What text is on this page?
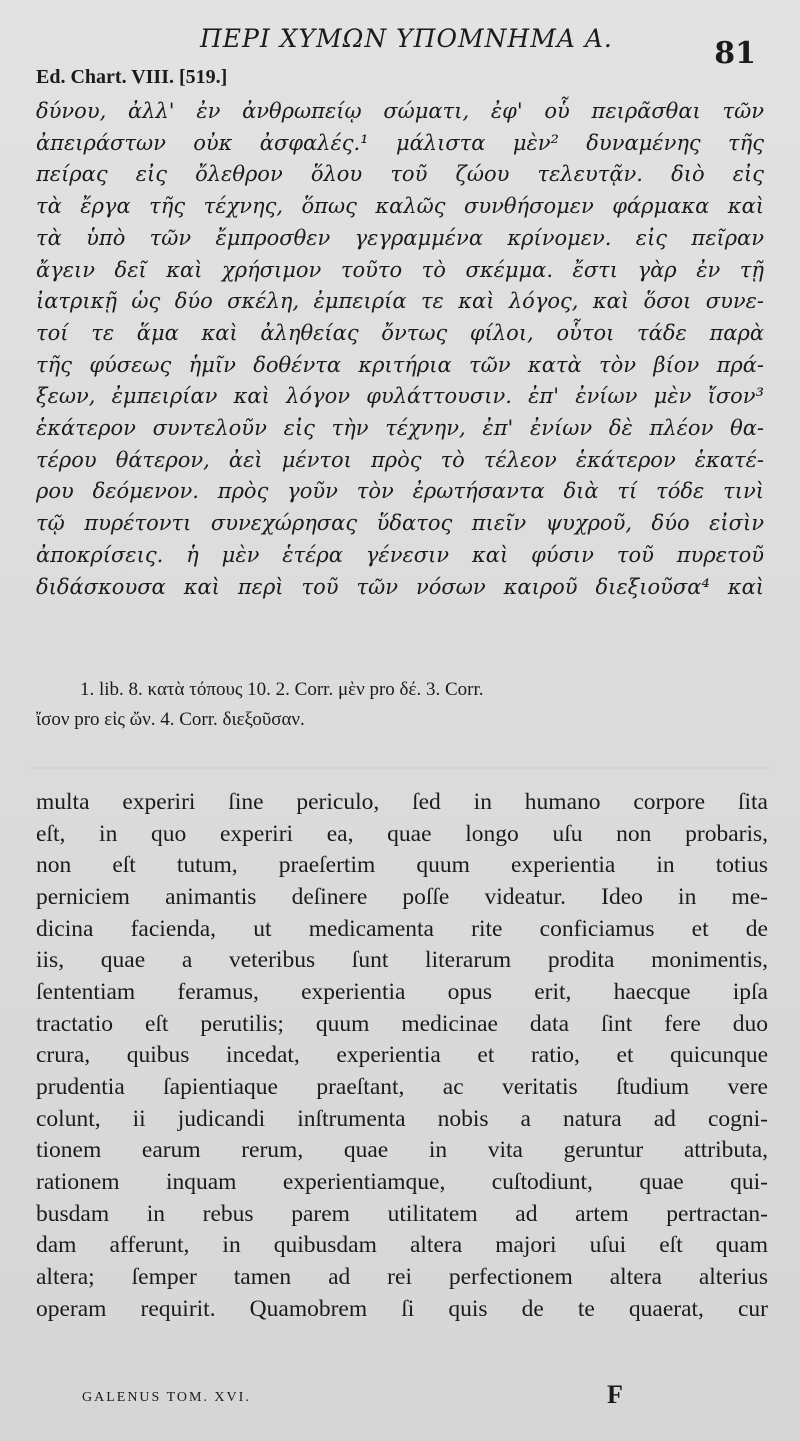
ΠΕΡΙ ΧΥΜΩΝ ΥΠΟΜΝΗΜΑ Α.	81
Ed. Chart. VIII. [519.]
δύνου, ἀλλ' ἐν ἀνθρωπείῳ σώματι, ἐφ' οὗ πειρᾶσθαι τῶν
ἀπειράστων οὐκ ἀσφαλές.¹ μάλιστα μὲν² δυναμένης τῆς
πείρας εἰς ὄλεθρον ὅλου τοῦ ζώου τελευτᾷν. διὸ εἰς
τὰ ἔργα τῆς τέχνης, ὅπως καλῶς συνθήσομεν φάρμακα καὶ
τὰ ὑπὸ τῶν ἔμπροσθεν γεγραμμένα κρίνομεν. εἰς πεῖραν
ἄγειν δεῖ καὶ χρήσιμον τοῦτο τὸ σκέμμα. ἔστι γὰρ ἐν τῇ
ἰατρικῇ ὡς δύο σκέλη, ἐμπειρία τε καὶ λόγος, καὶ ὅσοι συνε-
τοί τε ἅμα καὶ ἀληθείας ὄντως φίλοι, οὗτοι τάδε παρὰ
τῆς φύσεως ἡμῖν δοθέντα κριτήρια τῶν κατὰ τὸν βίον πρά-
ξεων, ἐμπειρίαν καὶ λόγον φυλάττουσιν. ἐπ' ἐνίων μὲν ἴσον³
ἑκάτερον συντελοῦν εἰς τὴν τέχνην, ἐπ' ἐνίων δὲ πλέον θα-
τέρου θάτερον, ἀεὶ μέντοι πρὸς τὸ τέλεον ἑκάτερον ἑκατέ-
ρου δεόμενον. πρὸς γοῦν τὸν ἐρωτήσαντα διὰ τί τόδε τινὶ
τῷ πυρέτοντι συνεχώρησας ὕδατος πιεῖν ψυχροῦ, δύο εἰσὶν
ἀποκρίσεις. ἡ μὲν ἑτέρα γένεσιν καὶ φύσιν τοῦ πυρετοῦ
διδάσκουσα καὶ περὶ τοῦ τῶν νόσων καιροῦ διεξιοῦσα⁴ καὶ
1. lib. 8. κατὰ τόπους 10. 2. Corr. μὲν pro δέ. 3. Corr.
ἴσον pro εἰς ὤν. 4. Corr. διεξοῦσαν.
multa experiri ſine periculo, ſed in humano corpore ſita
eſt, in quo experiri ea, quae longo uſu non probaris,
non eſt tutum, praeſertim quum experientia in totius
perniciem animantis deſinere poſſe videatur. Ideo in me-
dicina facienda, ut medicamenta rite conficiamus et de
iis, quae a veteribus ſunt literarum prodita monimentis,
ſententiam feramus, experientia opus erit, haecque ipſa
tractatio eſt perutilis; quum medicinae data ſint fere duo
crura, quibus incedat, experientia et ratio, et quicunque
prudentia ſapientiaque praeſtant, ac veritatis ſtudium vere
colunt, ii judicandi inſtrumenta nobis a natura ad cogni-
tionem earum rerum, quae in vita geruntur attributa,
rationem inquam experientiamque, cuſtodiunt, quae qui-
busdam in rebus parem utilitatem ad artem pertractan-
dam afferunt, in quibusdam altera majori uſui eſt quam
altera; ſemper tamen ad rei perfectionem altera alterius
operam requirit. Quamobrem ſi quis de te quaerat, cur
GALENUS TOM. XVI.	F
